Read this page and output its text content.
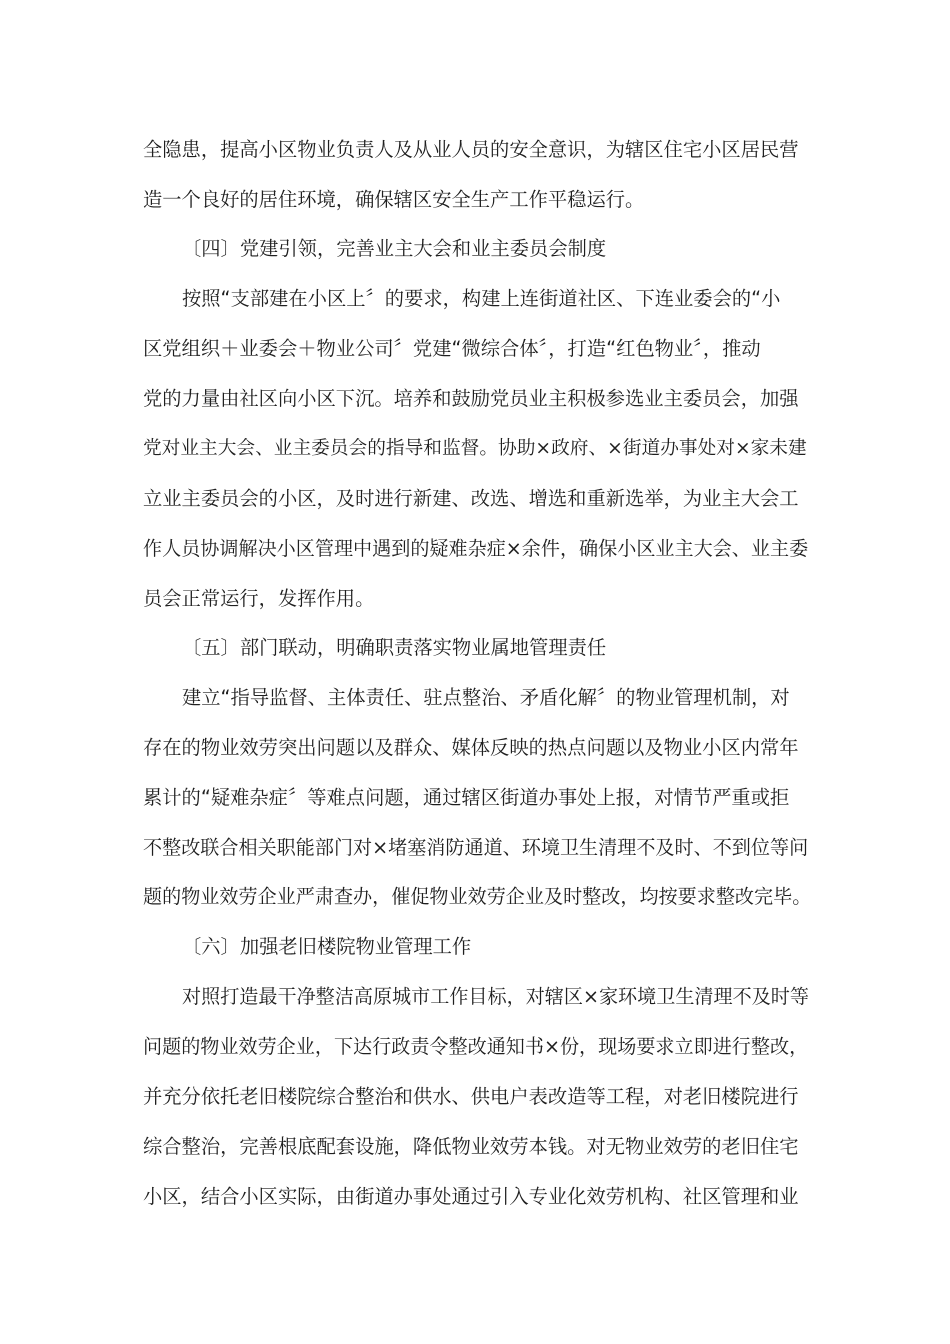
全隐患，提高小区物业负责人及从业人员的安全意识，为辖区住宅小区居民营
造一个良好的居住环境，确保辖区安全生产工作平稳运行。
〔四〕党建引领，完善业主大会和业主委员会制度
按照“支部建在小区上〞的要求，构建上连街道社区、下连业委会的“小
区党组织＋业委会＋物业公司〞党建“微综合体〞，打造“红色物业〞，推动
党的力量由社区向小区下沉。培养和鼓励党员业主积极参选业主委员会，加强
党对业主大会、业主委员会的指导和监督。协助×政府、×街道办事处对×家未建
立业主委员会的小区，及时进行新建、改选、增选和重新选举，为业主大会工
作人员协调解决小区管理中遇到的疑难杂症×余件，确保小区业主大会、业主委
员会正常运行，发挥作用。
〔五〕部门联动，明确职责落实物业属地管理责任
建立“指导监督、主体责任、驻点整治、矛盾化解〞的物业管理机制，对
存在的物业效劳突出问题以及群众、媒体反映的热点问题以及物业小区内常年
累计的“疑难杂症〞等难点问题，通过辖区街道办事处上报，对情节严重或拒
不整改联合相关职能部门对×堵塞消防通道、环境卫生清理不及时、不到位等问
题的物业效劳企业严肃查办，催促物业效劳企业及时整改，均按要求整改完毕。
〔六〕加强老旧楼院物业管理工作
对照打造最干净整洁高原城市工作目标，对辖区×家环境卫生清理不及时等
问题的物业效劳企业，下达行政责令整改通知书×份，现场要求立即进行整改，
并充分依托老旧楼院综合整治和供水、供电户表改造等工程，对老旧楼院进行
综合整治，完善根底配套设施，降低物业效劳本钱。对无物业效劳的老旧住宅
小区，结合小区实际，由街道办事处通过引入专业化效劳机构、社区管理和业
